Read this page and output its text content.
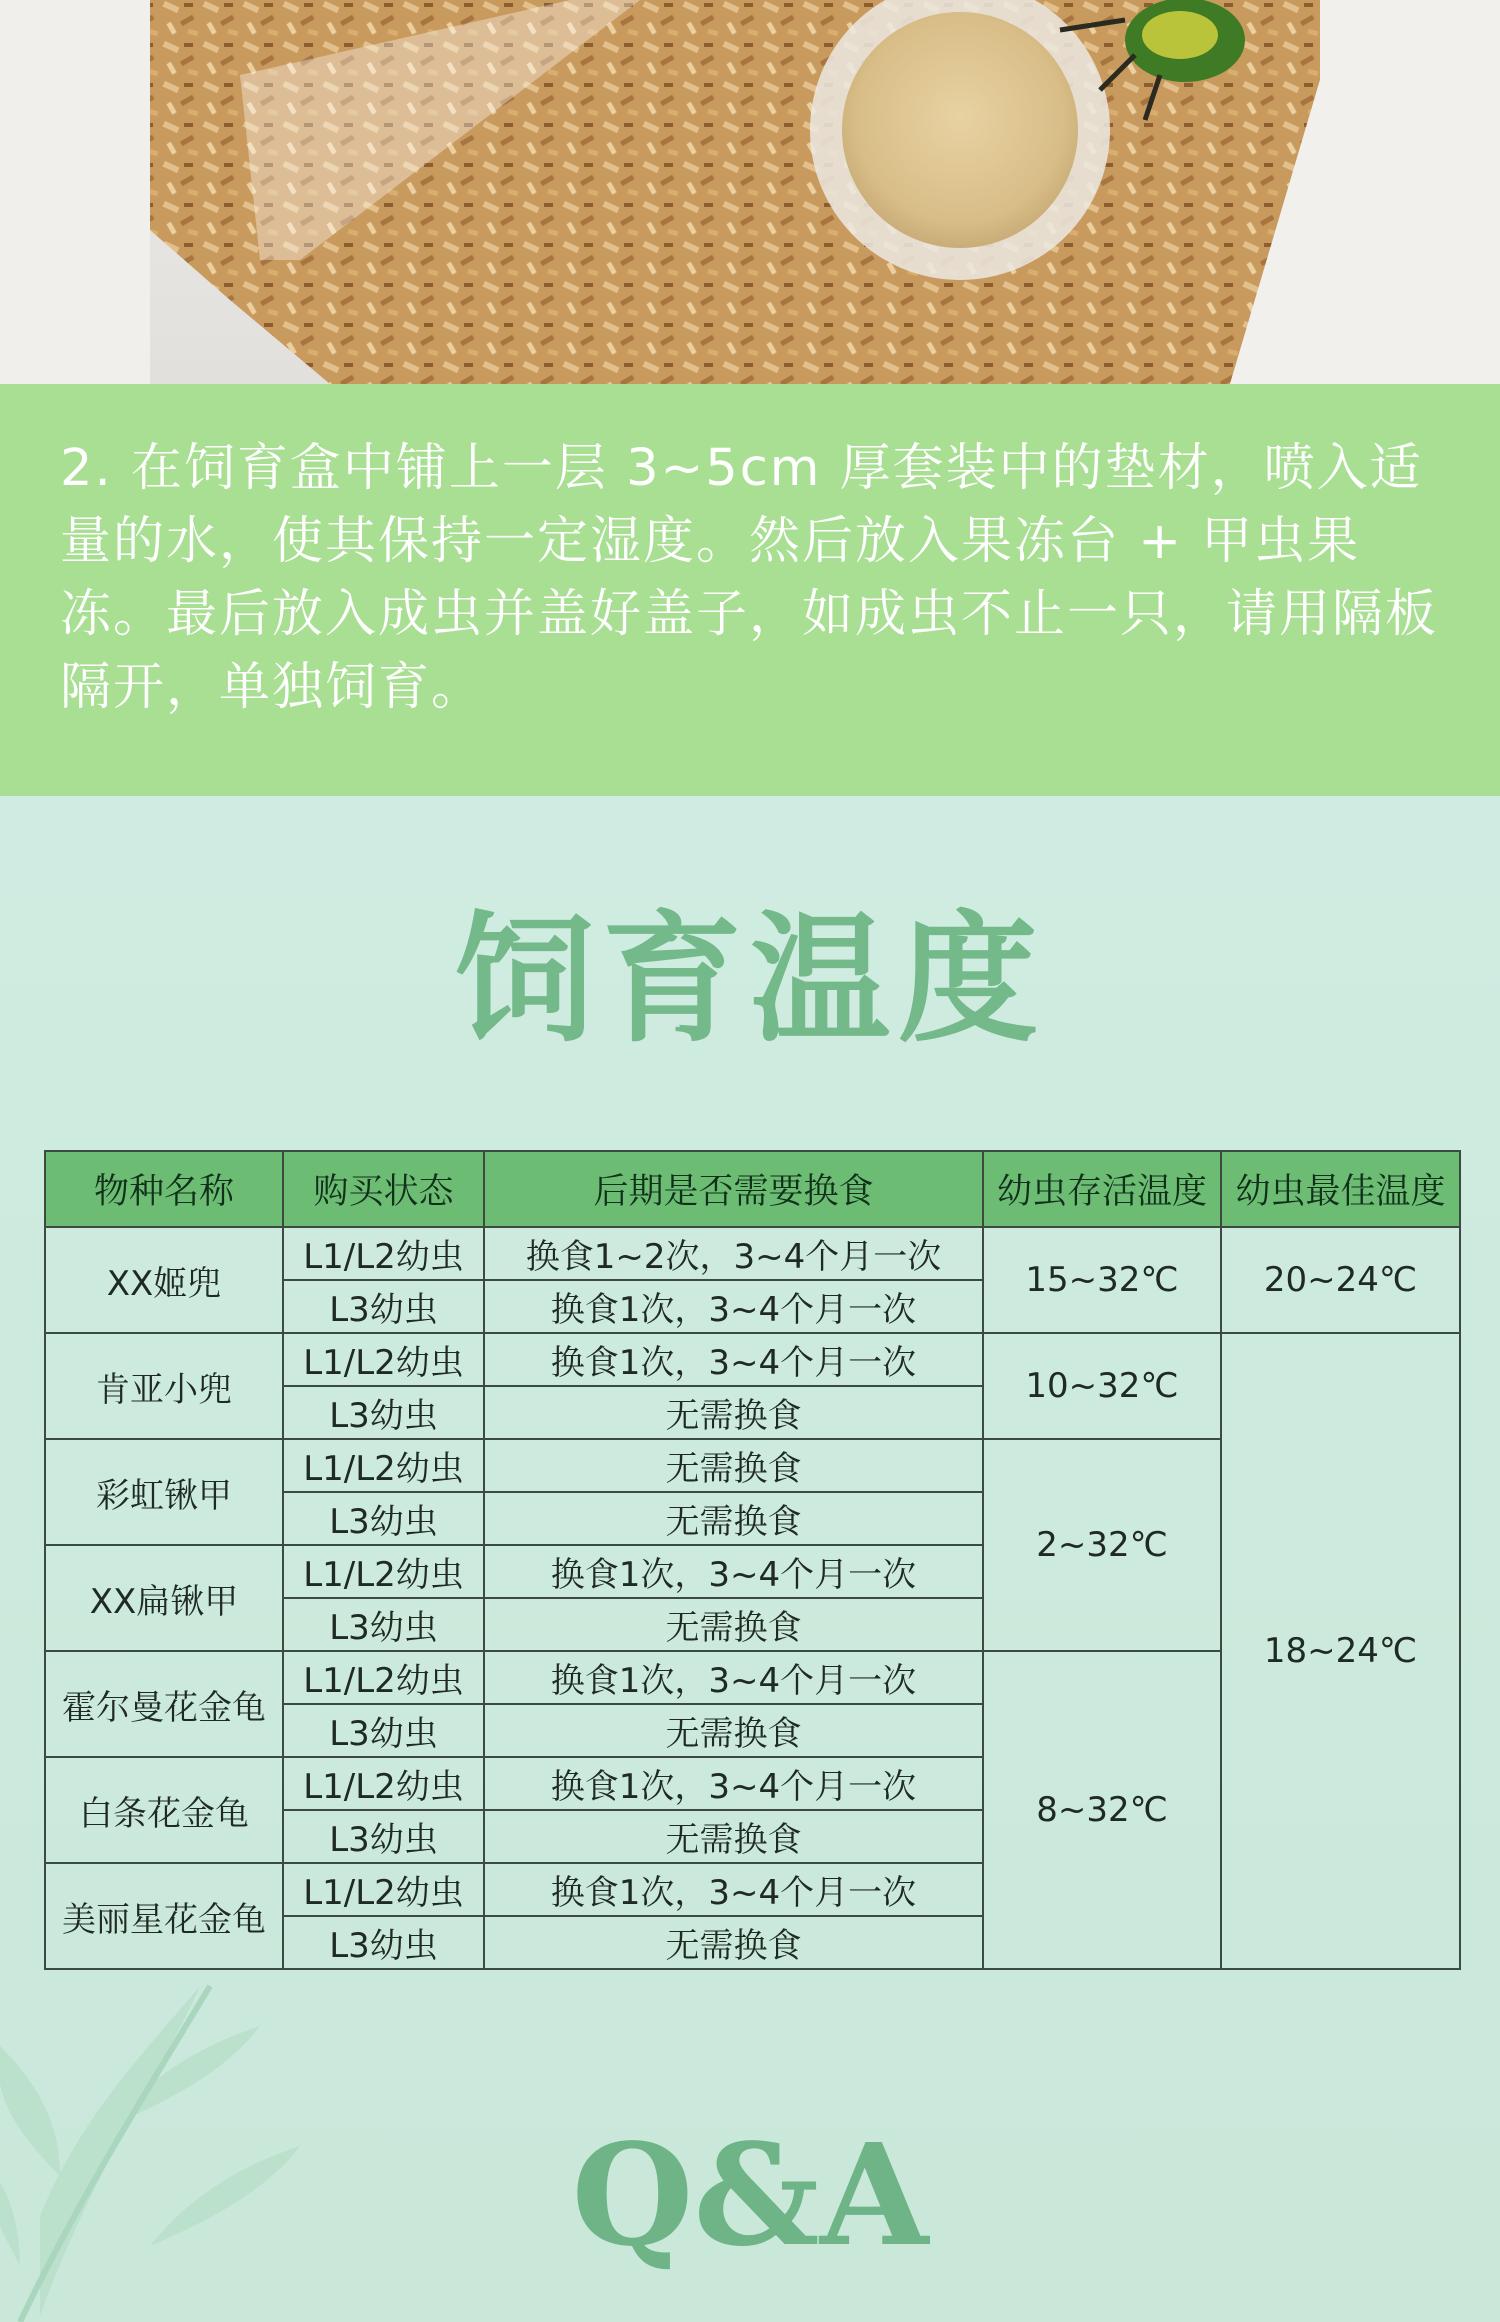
2. 在饲育盒中铺上一层 3~5cm 厚套装中的垫材，喷入适量的水，使其保持一定湿度。然后放入果冻台 + 甲虫果冻。最后放入成虫并盖好盖子，如成虫不止一只，请用隔板隔开，单独饲育。

饲育温度
物种名称	购买状态	后期是否需要换食	幼虫存活温度	幼虫最佳温度
XX姬兜	L1/L2幼虫	换食1~2次，3~4个月一次	15~32℃	20~24℃
	L3幼虫	换食1次，3~4个月一次		
肯亚小兜	L1/L2幼虫	换食1次，3~4个月一次	10~32℃	18~24℃
	L3幼虫	无需换食		
彩虹锹甲	L1/L2幼虫	无需换食	2~32℃	
	L3幼虫	无需换食		
XX扁锹甲	L1/L2幼虫	换食1次，3~4个月一次		
	L3幼虫	无需换食		
霍尔曼花金龟	L1/L2幼虫	换食1次，3~4个月一次	8~32℃	
	L3幼虫	无需换食		
白条花金龟	L1/L2幼虫	换食1次，3~4个月一次		
	L3幼虫	无需换食		
美丽星花金龟	L1/L2幼虫	换食1次，3~4个月一次		
	L3幼虫	无需换食		
Q&A
